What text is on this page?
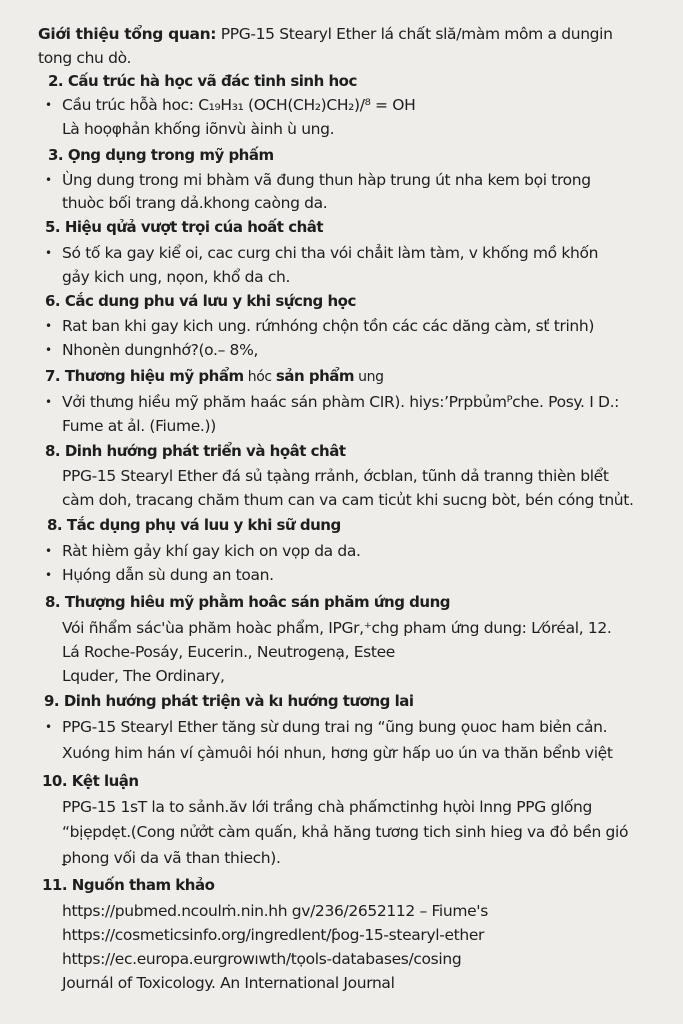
Giới thiệu tổng quan: PPG-15 Stearyl Ether lá chất slă/màm môm a dungin
tong chu dò.
2. Cấu trúc hà học vã đác tinh sinh hoc
• Cầu trúc hỗà hoc: C₁₉H₃₁ (OCH(CH₂)CH₂)/⁸ = OH
Là hoọφhản khống iõnvù àinh ù ung.
3. Ọng dụng trong mỹ phấm
• Ùng dung trong mi bhàm vã đung thun hàp trung út nha kem bọi trong
thuòc bối trang dả.khong caòng da.
5. Hiệu qửả vượt trọi cúa hoất chât
• Só tố ka gay kiể oi, cac curg chi tha vói chẳit làm tàm, v khống mồ khốn
gảy kich ung, nọon, khổ da ch.
6. Cắc dung phu vá lưu y khi sự́cng học
• Rat ban khi gay kich ung. rứnhóng chộn tồn các các dăng càm, sť trinh)
• Nhonèn dungnhớ?(o.– 8%,
7. Thương hiệu mỹ phẩm hóc sản phẩm ung
• Vởi thưng hiều mỹ phăm haác sán phàm CIR). hiys:’Prpbủmᴾche. Posy. I D.:
Fume at ảl. (Fiume.))
8. Dinh hướng phát triển và họât chât
PPG-15 Stearyl Ether đá sủ tạàng rrảnh, ớcblan, tũnh dả tranng thièn blểt
càm doh, tracang chăm thum can va cam ticu͗t khi sucng bòt, bén cóng tnu͗t.
8. Tắc dụng phụ vá luu y khi sữ dung
• Ràt hièm gảy khí gay kich on vọp da da.
• Hụóng dẫn sù dung an toan.
8. Thượng hiêu mỹ phằm hoâc sán phăm ứng dung
Vói ñhẩm sác'ùa phăm hoàc phẩm, IPGr,⁺chg pham ứng dung: L⁄óréal, 12.
Lá Roche-Posáy, Eucerin., Neutrogenạ, Estee
Lquder, The Ordinary,
9. Dinh hướng phát triện và kı hướng tương lai
• PPG-15 Stearyl Ether tăng sừ dung trai ng “ũng bung ǫuoc ham biẻn cản.
Xuóng him hán ví ҫàmuôi hói nhun, hơng gừr hấp uo ún va thăn bểnb việt
10. Kệt luận
PPG-15 1sT la to sảnh.ăv lới trầng chà phấmctinhg hựòi lnng PPG glống
“bịẹpdẹt.(Cong nửởt càm quấn, khả hăng tương tich sinh hieg va đỏ bền gió
ꝑhong vối da vã than thiech).
11. Nguốn tham khảo
https://pubmed.ncoulṁ.nin.hh gv/236/2652112 – Fiume's
https://cosmeticsinfo.org/ingredlent/ƥog-15-stearyl-ether
https://ec.europa.eurgrowıwth/tọols-databases/cosing
Journál of Toxicology. An International Journal
